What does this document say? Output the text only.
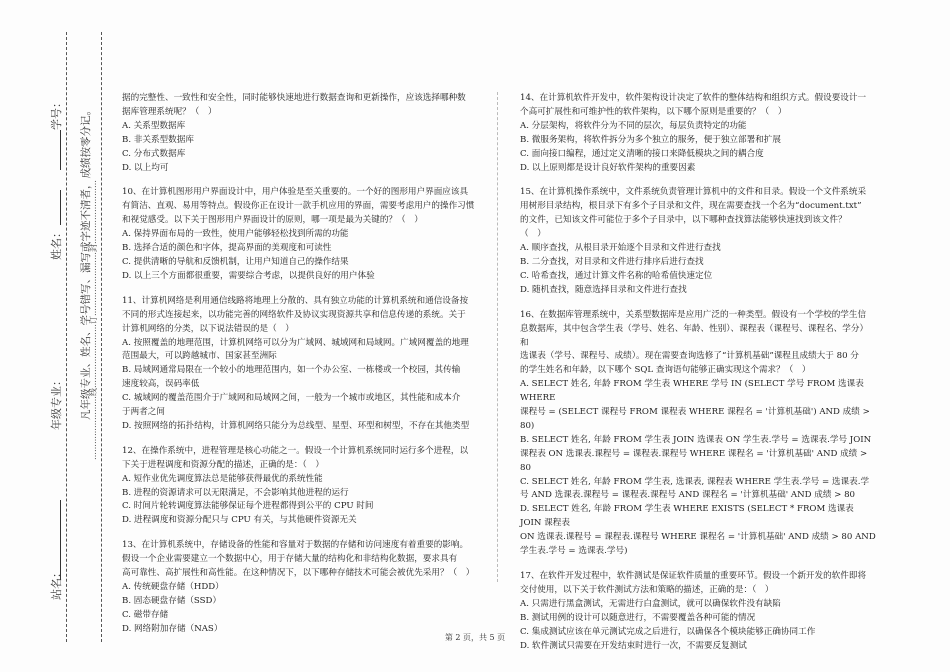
学号：
姓名：
年级专业：
站名：
凡年级专业、姓名、学号错写、漏写或字迹不清者，成绩按零分记。
……………………线……………………订……………………封……………………

据的完整性、一致性和安全性，同时能够快速地进行数据查询和更新操作，应该选择哪种数

据库管理系统呢？（　）

A. 关系型数据库

B. 非关系型数据库

C. 分布式数据库

D. 以上均可

10、在计算机图形用户界面设计中，用户体验是至关重要的。一个好的图形用户界面应该具

有简洁、直观、易用等特点。假设你正在设计一款手机应用的界面，需要考虑用户的操作习惯

和视觉感受。以下关于图形用户界面设计的原则，哪一项是最为关键的？（　）

A. 保持界面布局的一致性，使用户能够轻松找到所需的功能

B. 选择合适的颜色和字体，提高界面的美观度和可读性

C. 提供清晰的导航和反馈机制，让用户知道自己的操作结果

D. 以上三个方面都很重要，需要综合考虑，以提供良好的用户体验

11、计算机网络是利用通信线路将地理上分散的、具有独立功能的计算机系统和通信设备按

不同的形式连接起来，以功能完善的网络软件及协议实现资源共享和信息传递的系统。关于

计算机网络的分类，以下说法错误的是（　）

A. 按照覆盖的地理范围，计算机网络可以分为广域网、城域网和局域网。广域网覆盖的地理

范围最大，可以跨越城市、国家甚至洲际

B. 局域网通常局限在一个较小的地理范围内，如一个办公室、一栋楼或一个校园，其传输

速度较高，误码率低

C. 城域网的覆盖范围介于广域网和局域网之间，一般为一个城市或地区，其性能和成本介

于两者之间

D. 按照网络的拓扑结构，计算机网络只能分为总线型、星型、环型和树型，不存在其他类型

12、在操作系统中，进程管理是核心功能之一。假设一个计算机系统同时运行多个进程，以

下关于进程调度和资源分配的描述，正确的是：（　）

A. 短作业优先调度算法总是能够获得最优的系统性能

B. 进程的资源请求可以无限满足，不会影响其他进程的运行

C. 时间片轮转调度算法能够保证每个进程都得到公平的 CPU 时间

D. 进程调度和资源分配只与 CPU 有关，与其他硬件资源无关

13、在计算机系统中，存储设备的性能和容量对于数据的存储和访问速度有着重要的影响。

假设一个企业需要建立一个数据中心，用于存储大量的结构化和非结构化数据，要求具有

高可靠性、高扩展性和高性能。在这种情况下，以下哪种存储技术可能会被优先采用？（　）

A. 传统硬盘存储（HDD）

B. 固态硬盘存储（SSD）

C. 磁带存储

D. 网络附加存储（NAS）

14、在计算机软件开发中，软件架构设计决定了软件的整体结构和组织方式。假设要设计一

个高可扩展性和可维护性的软件架构，以下哪个原则是重要的？（　）

A. 分层架构，将软件分为不同的层次，每层负责特定的功能

B. 微服务架构，将软件拆分为多个独立的服务，便于独立部署和扩展

C. 面向接口编程，通过定义清晰的接口来降低模块之间的耦合度

D. 以上原则都是设计良好软件架构的重要因素

15、在计算机操作系统中，文件系统负责管理计算机中的文件和目录。假设一个文件系统采

用树形目录结构，根目录下有多个子目录和文件，现在需要查找一个名为“document.txt”

的文件，已知该文件可能位于多个子目录中，以下哪种查找算法能够快速找到该文件？

（　）

A. 顺序查找，从根目录开始逐个目录和文件进行查找

B. 二分查找，对目录和文件进行排序后进行查找

C. 哈希查找，通过计算文件名称的哈希值快速定位

D. 随机查找，随意选择目录和文件进行查找

16、在数据库管理系统中，关系型数据库是应用广泛的一种类型。假设有一个学校的学生信

息数据库，其中包含学生表（学号、姓名、年龄、性别）、课程表（课程号、课程名、学分）和

选课表（学号、课程号、成绩）。现在需要查询选修了“计算机基础”课程且成绩大于 80 分

的学生姓名和年龄，以下哪个 SQL 查询语句能够正确实现这个需求？（　）

A. SELECT 姓名, 年龄 FROM 学生表 WHERE 学号 IN (SELECT 学号 FROM 选课表 WHERE

课程号 = (SELECT 课程号 FROM 课程表 WHERE 课程名 = '计算机基础') AND 成绩 > 80)

B. SELECT 姓名, 年龄 FROM 学生表 JOIN 选课表 ON 学生表.学号 = 选课表.学号 JOIN

课程表 ON 选课表.课程号 = 课程表.课程号 WHERE 课程名 = '计算机基础' AND 成绩 >

80

C. SELECT 姓名, 年龄 FROM 学生表, 选课表, 课程表 WHERE 学生表.学号 = 选课表.学

号 AND 选课表.课程号 = 课程表.课程号 AND 课程名 = '计算机基础' AND 成绩 > 80

D. SELECT 姓名, 年龄 FROM 学生表 WHERE EXISTS (SELECT * FROM 选课表 JOIN 课程表

ON 选课表.课程号 = 课程表.课程号 WHERE 课程名 = '计算机基础' AND 成绩 > 80 AND

学生表.学号 = 选课表.学号)

17、在软件开发过程中，软件测试是保证软件质量的重要环节。假设一个新开发的软件即将

交付使用，以下关于软件测试方法和策略的描述，正确的是：（　）

A. 只需进行黑盒测试，无需进行白盒测试，就可以确保软件没有缺陷

B. 测试用例的设计可以随意进行，不需要覆盖各种可能的情况

C. 集成测试应该在单元测试完成之后进行，以确保各个模块能够正确协同工作

D. 软件测试只需要在开发结束时进行一次，不需要反复测试

第 2 页，共 5 页
